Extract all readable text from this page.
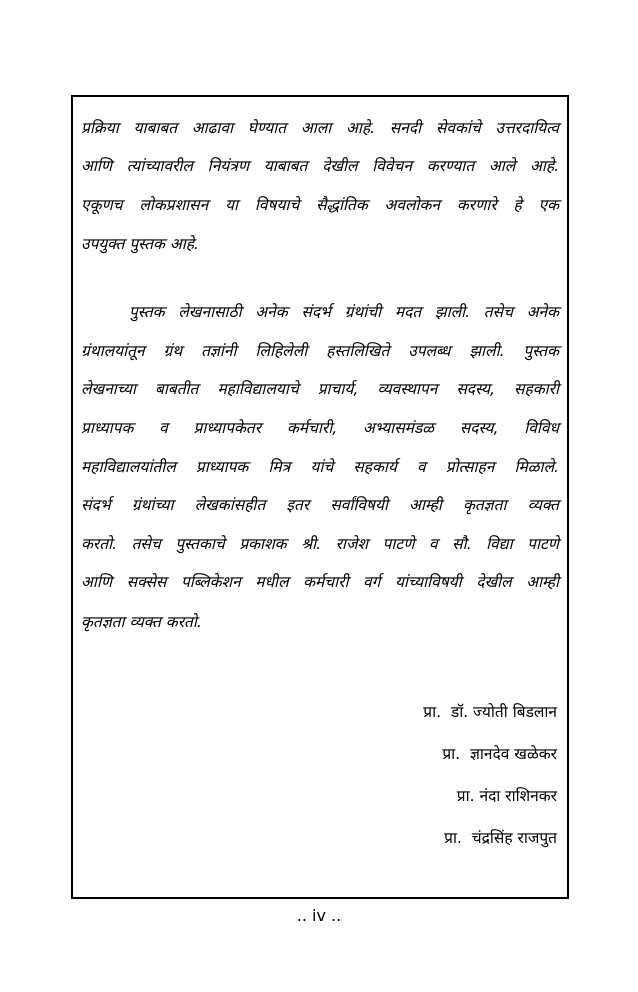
प्रक्रिया याबाबत आढावा घेण्यात आला आहे. सनदी सेवकांचे उत्तरदायित्व
आणि त्यांच्यावरील नियंत्रण याबाबत देखील विवेचन करण्यात आले आहे.
एकूणच लोकप्रशासन या विषयाचे सैद्धांतिक अवलोकन करणारे हे एक
उपयुक्त पुस्तक आहे.
पुस्तक लेखनासाठी अनेक संदर्भ ग्रंथांची मदत झाली. तसेच अनेक
ग्रंथालयांतून ग्रंथ तज्ञांनी लिहिलेली हस्तलिखिते उपलब्ध झाली. पुस्तक
लेखनाच्या बाबतीत महाविद्यालयाचे प्राचार्य, व्यवस्थापन सदस्य, सहकारी
प्राध्यापक व प्राध्यापकेतर कर्मचारी, अभ्यासमंडळ सदस्य, विविध
महाविद्यालयांतील प्राध्यापक मित्र यांचे सहकार्य व प्रोत्साहन मिळाले.
संदर्भ ग्रंथांच्या लेखकांसहीत इतर सर्वांविषयी आम्ही कृतज्ञता व्यक्त
करतो. तसेच पुस्तकाचे प्रकाशक श्री. राजेश पाटणे व सौ. विद्या पाटणे
आणि सक्सेस पब्लिकेशन मधील कर्मचारी वर्ग यांच्याविषयी देखील आम्ही
कृतज्ञता व्यक्त करतो.
प्रा.  डॉ. ज्योती बिडलान
प्रा.  ज्ञानदेव खळेकर
प्रा. नंदा राशिनकर
प्रा.  चंद्रसिंह राजपुत
.. iv ..
